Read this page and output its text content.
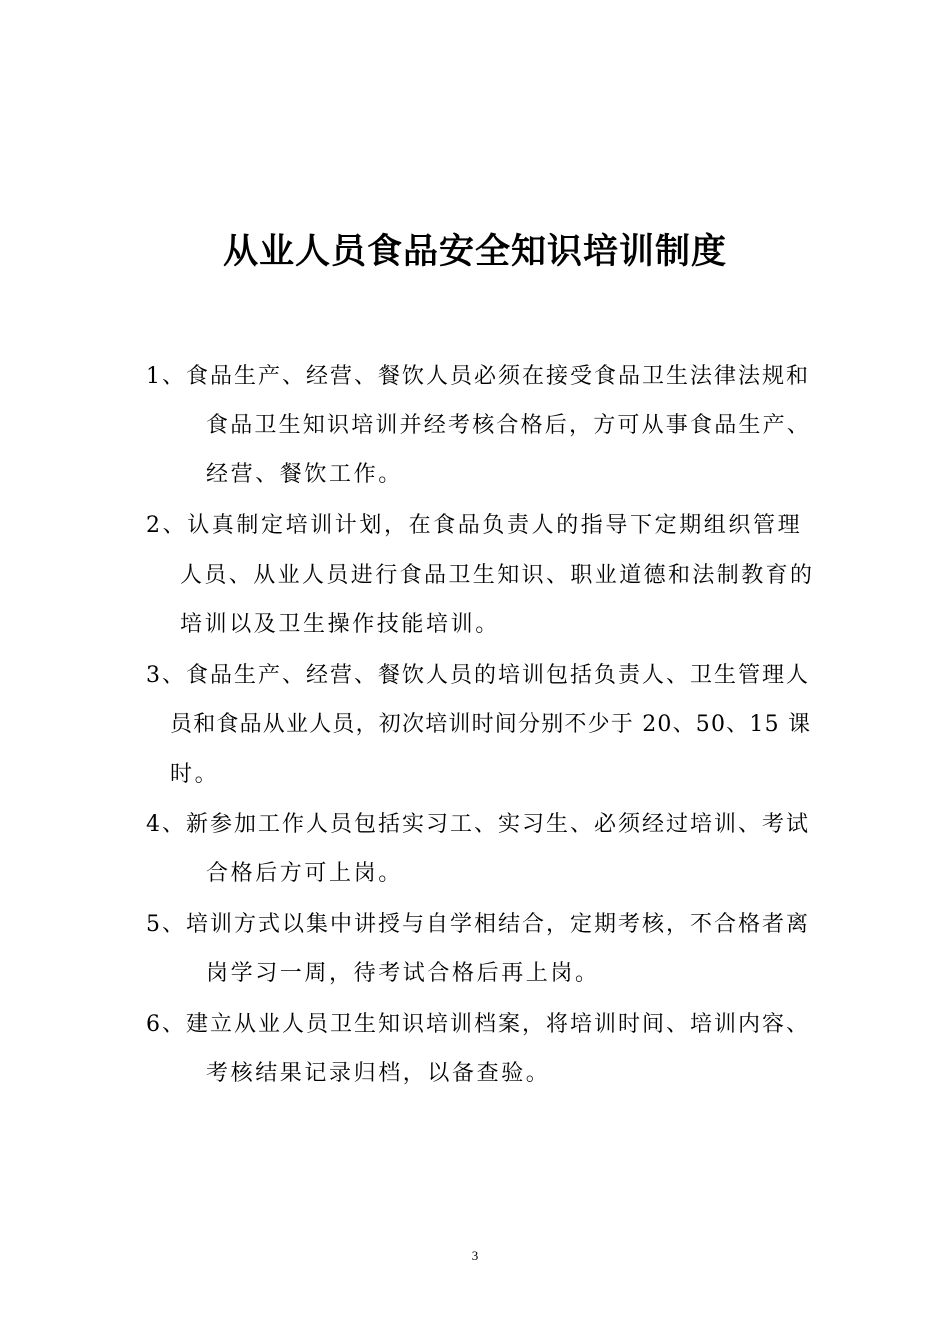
从业人员食品安全知识培训制度
1、食品生产、经营、餐饮人员必须在接受食品卫生法律法规和
食品卫生知识培训并经考核合格后，方可从事食品生产、
经营、餐饮工作。
2、认真制定培训计划，在食品负责人的指导下定期组织管理
人员、从业人员进行食品卫生知识、职业道德和法制教育的
培训以及卫生操作技能培训。
3、食品生产、经营、餐饮人员的培训包括负责人、卫生管理人
员和食品从业人员，初次培训时间分别不少于 20、50、15 课
时。
4、新参加工作人员包括实习工、实习生、必须经过培训、考试
合格后方可上岗。
5、培训方式以集中讲授与自学相结合，定期考核，不合格者离
岗学习一周，待考试合格后再上岗。
6、建立从业人员卫生知识培训档案，将培训时间、培训内容、
考核结果记录归档，以备查验。
3
